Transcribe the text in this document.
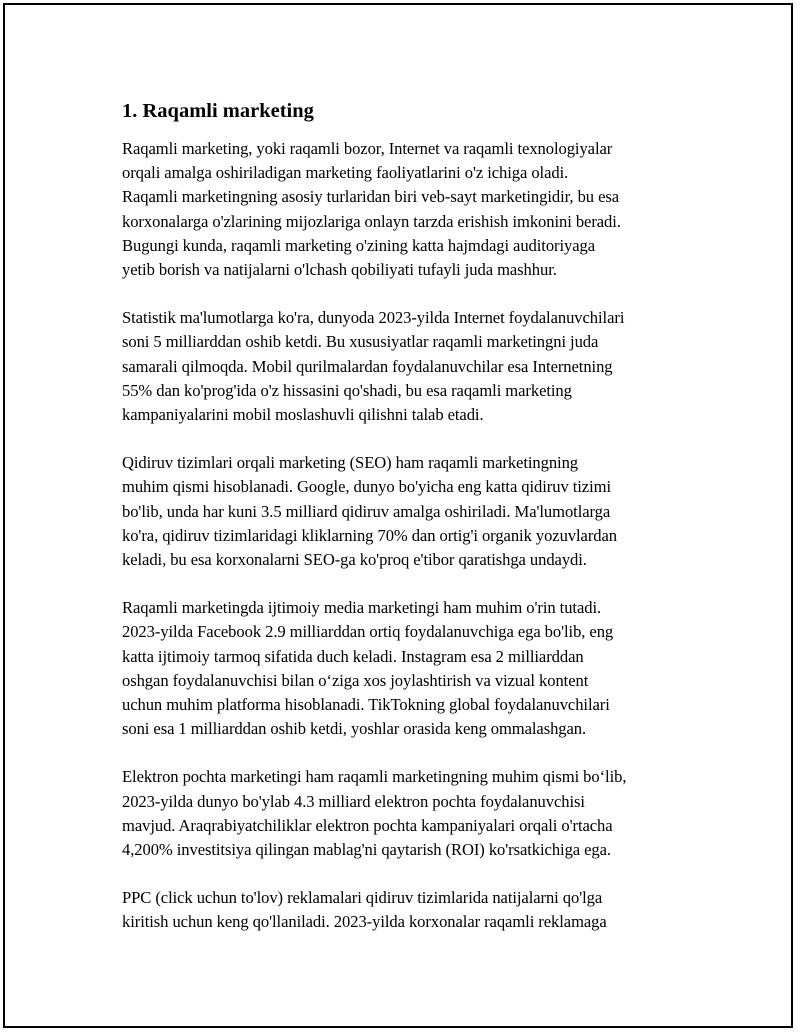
1. Raqamli marketing

Raqamli marketing, yoki raqamli bozor, Internet va raqamli texnologiyalar
orqali amalga oshiriladigan marketing faoliyatlarini o'z ichiga oladi.
Raqamli marketingning asosiy turlaridan biri veb-sayt marketingidir, bu esa
korxonalarga o'zlarining mijozlariga onlayn tarzda erishish imkonini beradi.
Bugungi kunda, raqamli marketing o'zining katta hajmdagi auditoriyaga
yetib borish va natijalarni o'lchash qobiliyati tufayli juda mashhur.

Statistik ma'lumotlarga ko'ra, dunyoda 2023-yilda Internet foydalanuvchilari
soni 5 milliarddan oshib ketdi. Bu xususiyatlar raqamli marketingni juda
samarali qilmoqda. Mobil qurilmalardan foydalanuvchilar esa Internetning
55% dan ko'prog'ida o'z hissasini qo'shadi, bu esa raqamli marketing
kampaniyalarini mobil moslashuvli qilishni talab etadi.

Qidiruv tizimlari orqali marketing (SEO) ham raqamli marketingning
muhim qismi hisoblanadi. Google, dunyo bo'yicha eng katta qidiruv tizimi
bo'lib, unda har kuni 3.5 milliard qidiruv amalga oshiriladi. Ma'lumotlarga
ko'ra, qidiruv tizimlaridagi kliklarning 70% dan ortig'i organik yozuvlardan
keladi, bu esa korxonalarni SEO-ga ko'proq e'tibor qaratishga undaydi.

Raqamli marketingda ijtimoiy media marketingi ham muhim o'rin tutadi.
2023-yilda Facebook 2.9 milliarddan ortiq foydalanuvchiga ega bo'lib, eng
katta ijtimoiy tarmoq sifatida duch keladi. Instagram esa 2 milliarddan
oshgan foydalanuvchisi bilan o‘ziga xos joylashtirish va vizual kontent
uchun muhim platforma hisoblanadi. TikTokning global foydalanuvchilari
soni esa 1 milliarddan oshib ketdi, yoshlar orasida keng ommalashgan.

Elektron pochta marketingi ham raqamli marketingning muhim qismi bo‘lib,
2023-yilda dunyo bo'ylab 4.3 milliard elektron pochta foydalanuvchisi
mavjud. Araqrabiyatchiliklar elektron pochta kampaniyalari orqali o'rtacha
4,200% investitsiya qilingan mablag'ni qaytarish (ROI) ko'rsatkichiga ega.

PPC (click uchun to'lov) reklamalari qidiruv tizimlarida natijalarni qo'lga
kiritish uchun keng qo'llaniladi. 2023-yilda korxonalar raqamli reklamaga
